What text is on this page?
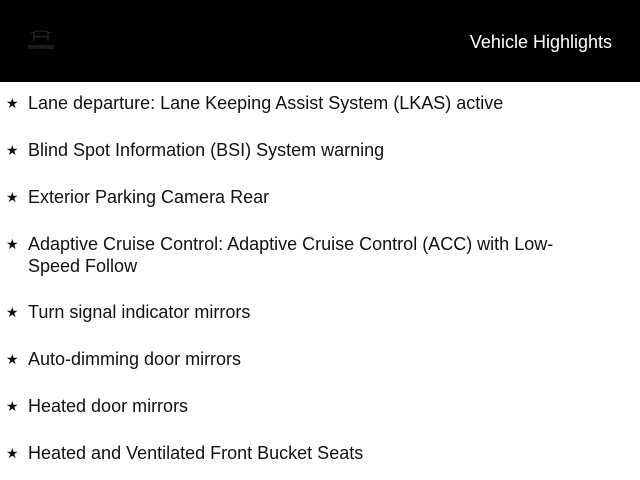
Vehicle Highlights
★ Lane departure: Lane Keeping Assist System (LKAS) active
★ Blind Spot Information (BSI) System warning
★ Exterior Parking Camera Rear
★ Adaptive Cruise Control: Adaptive Cruise Control (ACC) with Low-Speed Follow
★ Turn signal indicator mirrors
★ Auto-dimming door mirrors
★ Heated door mirrors
★ Heated and Ventilated Front Bucket Seats
